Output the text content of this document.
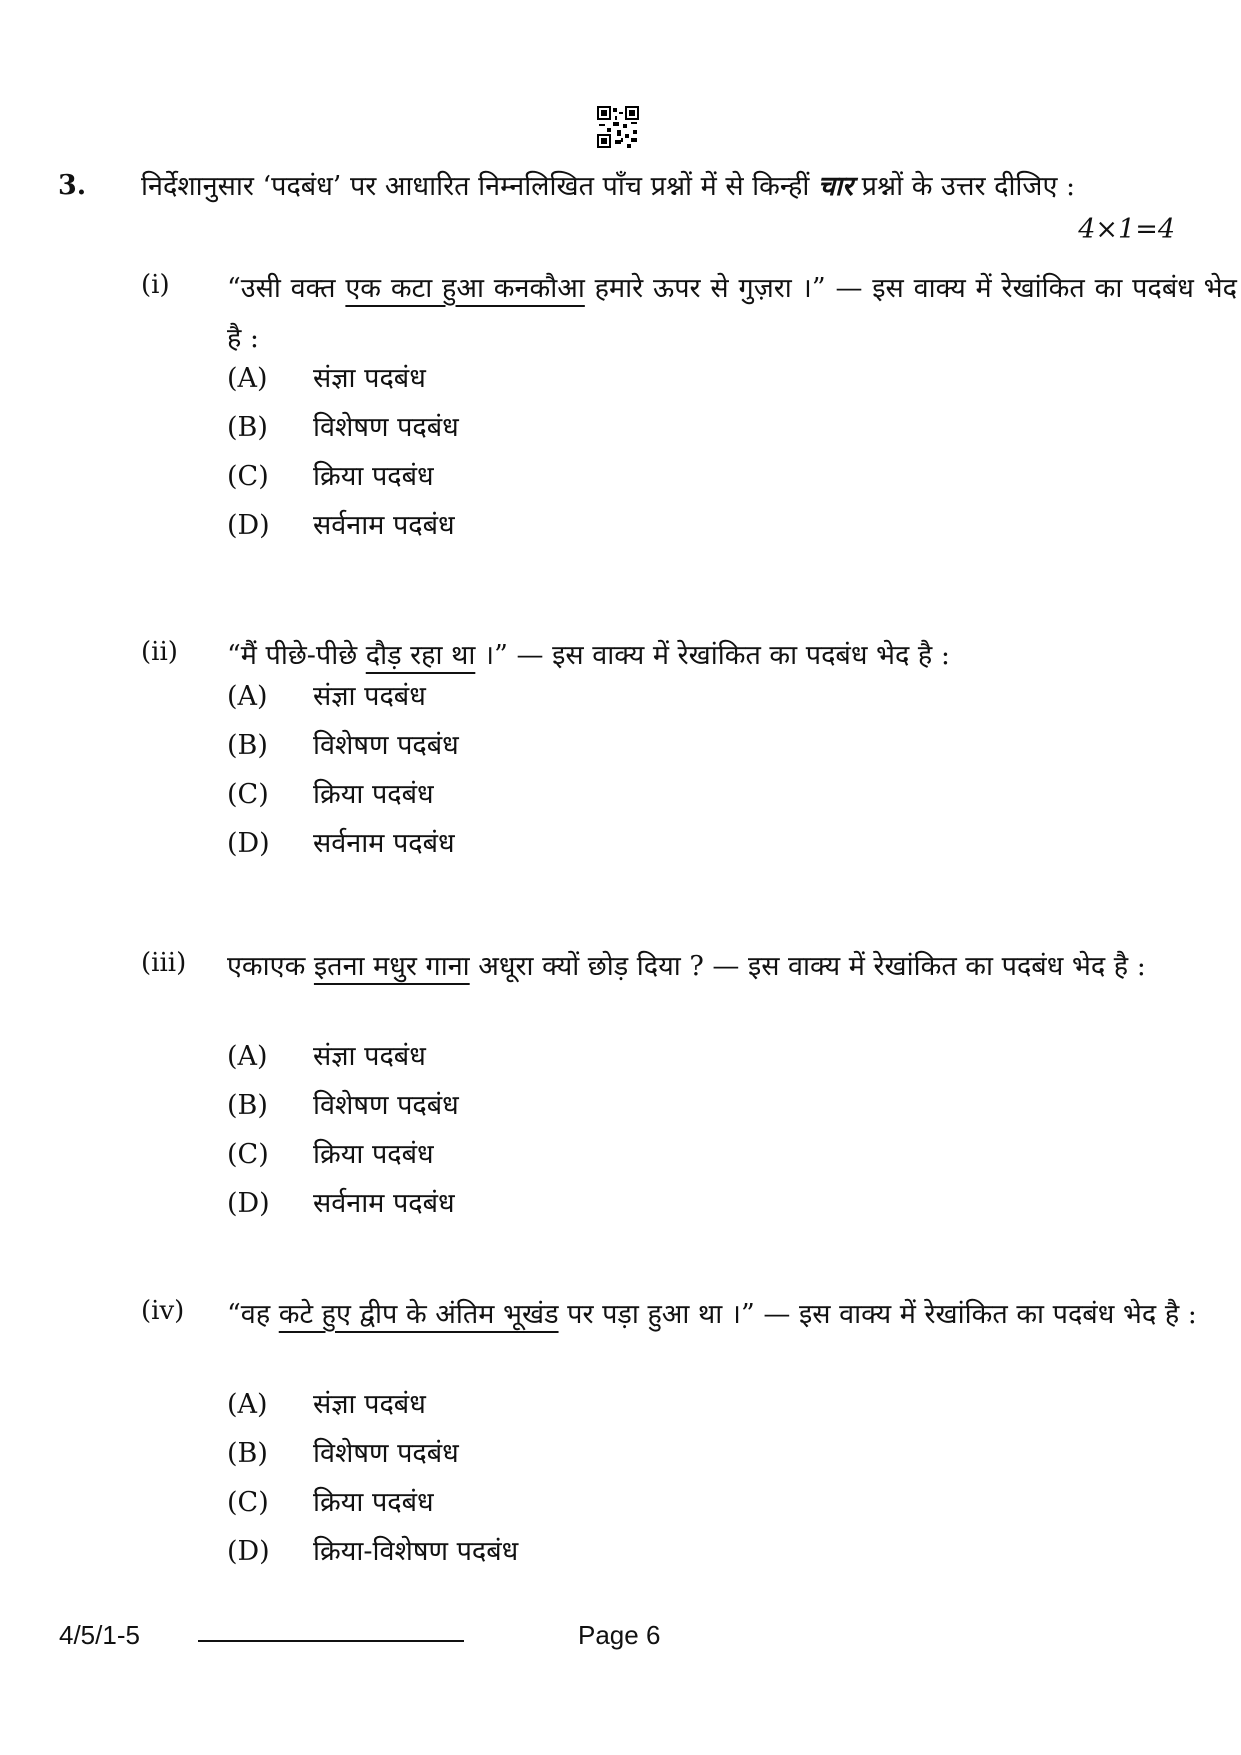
3. निर्देशानुसार ‘पदबंध’ पर आधारित निम्नलिखित पाँच प्रश्नों में से किन्हीं चार प्रश्नों के उत्तर दीजिए :
4×1=4
(i) “उसी वक्त एक कटा हुआ कनकौआ हमारे ऊपर से गुज़रा ।” — इस वाक्य में रेखांकित का पदबंध भेद है :
(A) संज्ञा पदबंध
(B) विशेषण पदबंध
(C) क्रिया पदबंध
(D) सर्वनाम पदबंध
(ii) “मैं पीछे-पीछे दौड़ रहा था ।” — इस वाक्य में रेखांकित का पदबंध भेद है :
(A) संज्ञा पदबंध
(B) विशेषण पदबंध
(C) क्रिया पदबंध
(D) सर्वनाम पदबंध
(iii) एकाएक इतना मधुर गाना अधूरा क्यों छोड़ दिया ? — इस वाक्य में रेखांकित का पदबंध भेद है :
(A) संज्ञा पदबंध
(B) विशेषण पदबंध
(C) क्रिया पदबंध
(D) सर्वनाम पदबंध
(iv) “वह कटे हुए द्वीप के अंतिम भूखंड पर पड़ा हुआ था ।” — इस वाक्य में रेखांकित का पदबंध भेद है :
(A) संज्ञा पदबंध
(B) विशेषण पदबंध
(C) क्रिया पदबंध
(D) क्रिया-विशेषण पदबंध
4/5/1-5	Page 6
